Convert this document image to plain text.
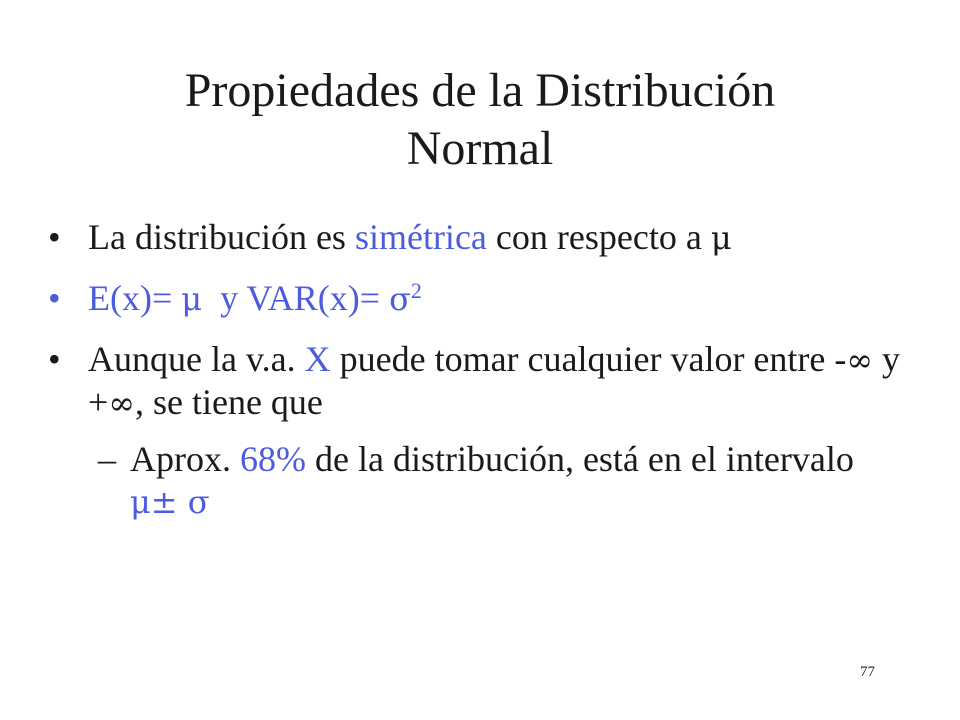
Propiedades de la Distribución
Normal
• La distribución es simétrica con respecto a μ
• E(x)= μ  y $VAR(x)= \sigma^2$
• Aunque la v.a. X puede tomar cualquier valor entre -∞ y +∞, se tiene que
– Aprox. 68% de la distribución, está en el intervalo μ± σ
77
